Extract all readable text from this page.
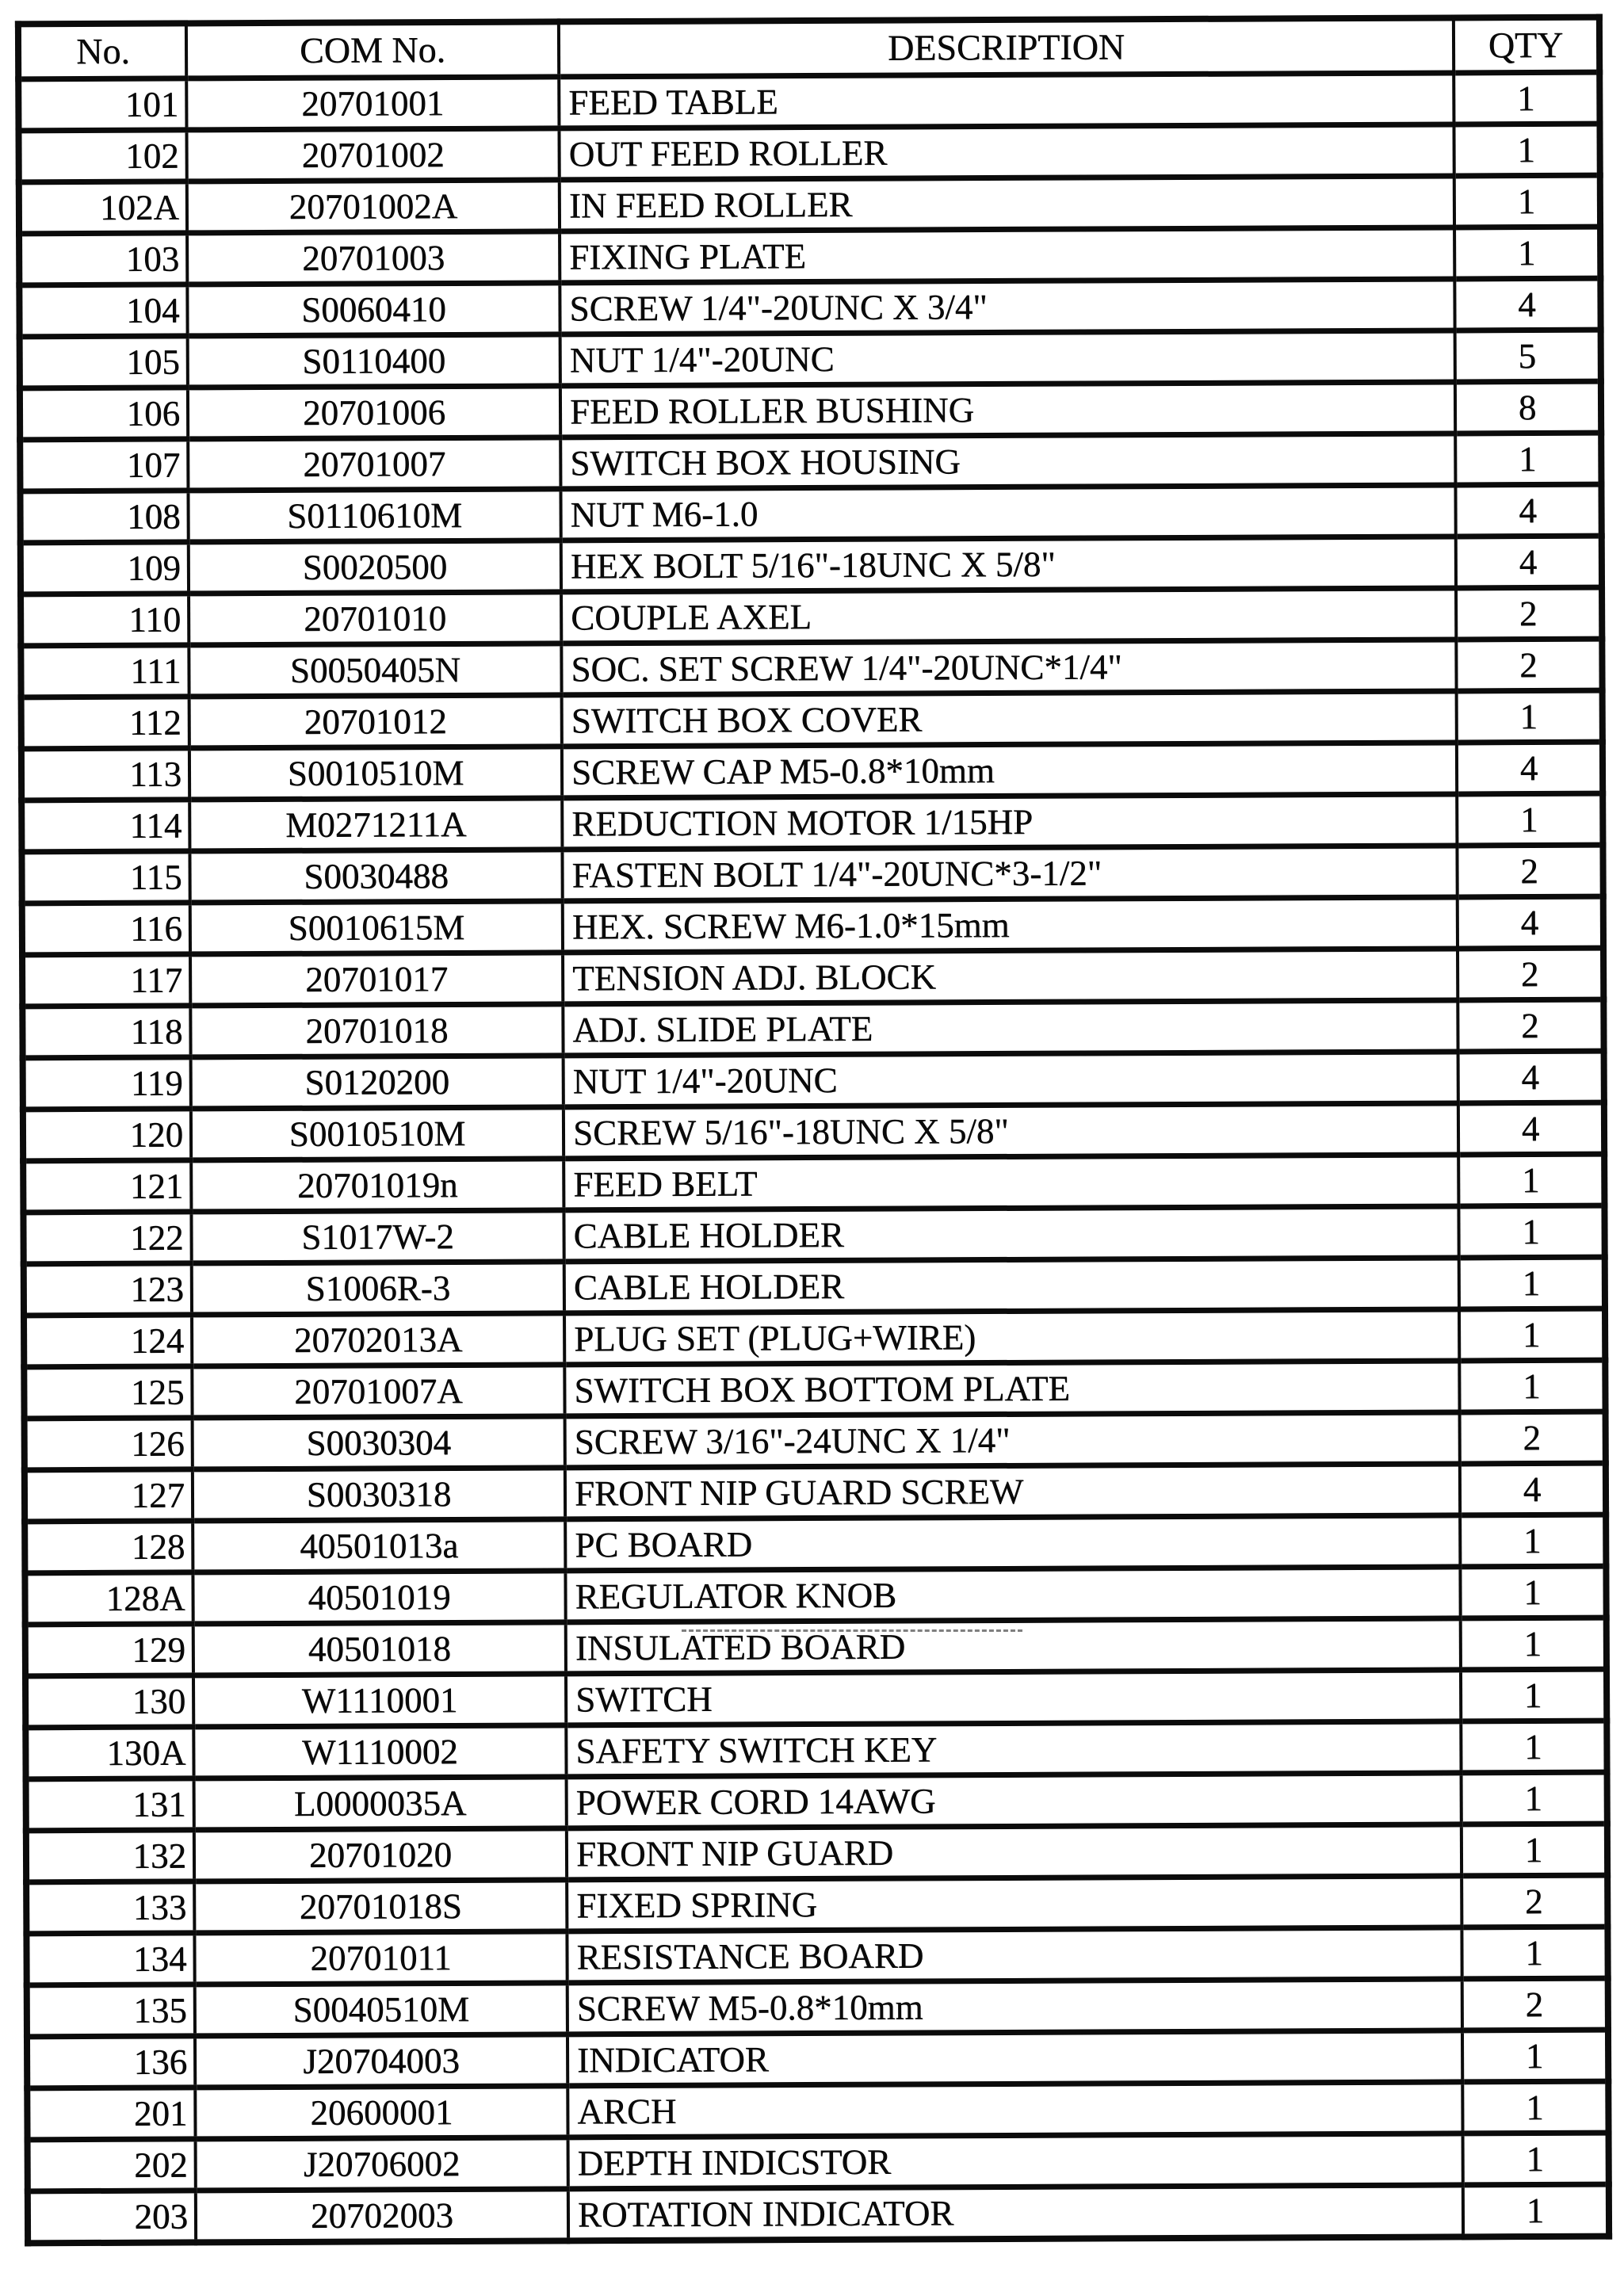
No.	COM No.	DESCRIPTION	QTY
101	20701001	FEED TABLE	1
102	20701002	OUT FEED ROLLER	1
102A	20701002A	IN FEED ROLLER	1
103	20701003	FIXING PLATE	1
104	S0060410	SCREW 1/4"-20UNC X 3/4"	4
105	S0110400	NUT 1/4"-20UNC	5
106	20701006	FEED ROLLER BUSHING	8
107	20701007	SWITCH BOX HOUSING	1
108	S0110610M	NUT M6-1.0	4
109	S0020500	HEX BOLT 5/16"-18UNC X 5/8"	4
110	20701010	COUPLE AXEL	2
111	S0050405N	SOC. SET SCREW 1/4"-20UNC*1/4"	2
112	20701012	SWITCH BOX COVER	1
113	S0010510M	SCREW CAP M5-0.8*10mm	4
114	M0271211A	REDUCTION MOTOR 1/15HP	1
115	S0030488	FASTEN BOLT 1/4"-20UNC*3-1/2"	2
116	S0010615M	HEX. SCREW M6-1.0*15mm	4
117	20701017	TENSION ADJ. BLOCK	2
118	20701018	ADJ. SLIDE PLATE	2
119	S0120200	NUT 1/4"-20UNC	4
120	S0010510M	SCREW 5/16"-18UNC X 5/8"	4
121	20701019n	FEED BELT	1
122	S1017W-2	CABLE HOLDER	1
123	S1006R-3	CABLE HOLDER	1
124	20702013A	PLUG SET (PLUG+WIRE)	1
125	20701007A	SWITCH BOX BOTTOM PLATE	1
126	S0030304	SCREW 3/16"-24UNC X 1/4"	2
127	S0030318	FRONT NIP GUARD SCREW	4
128	40501013a	PC BOARD	1
128A	40501019	REGULATOR KNOB	1
129	40501018	INSULATED BOARD	1
130	W1110001	SWITCH	1
130A	W1110002	SAFETY SWITCH KEY	1
131	L0000035A	POWER CORD 14AWG	1
132	20701020	FRONT NIP GUARD	1
133	20701018S	FIXED SPRING	2
134	20701011	RESISTANCE BOARD	1
135	S0040510M	SCREW M5-0.8*10mm	2
136	J20704003	INDICATOR	1
201	20600001	ARCH	1
202	J20706002	DEPTH INDICSTOR	1
203	20702003	ROTATION INDICATOR	1
